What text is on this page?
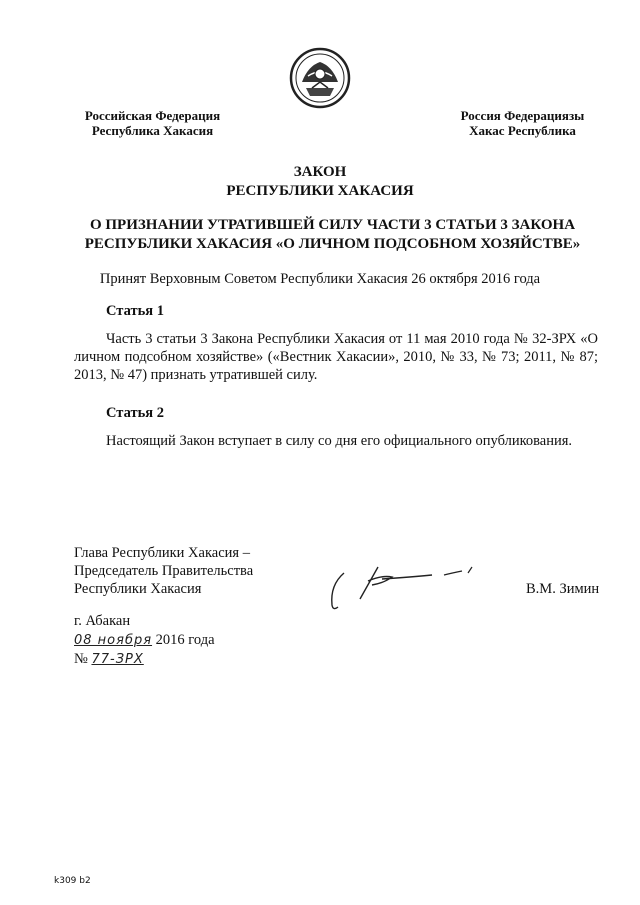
Российская Федерация
Республика Хакасия
Россия Федерациязы
Хакас Республика
ЗАКОН
РЕСПУБЛИКИ ХАКАСИЯ
О ПРИЗНАНИИ УТРАТИВШЕЙ СИЛУ ЧАСТИ 3 СТАТЬИ 3 ЗАКОНА РЕСПУБЛИКИ ХАКАСИЯ «О ЛИЧНОМ ПОДСОБНОМ ХОЗЯЙСТВЕ»
Принят Верховным Советом Республики Хакасия 26 октября 2016 года
Статья 1
Часть 3 статьи 3 Закона Республики Хакасия от 11 мая 2010 года № 32-ЗРХ «О личном подсобном хозяйстве» («Вестник Хакасии», 2010, № 33, № 73; 2011, № 87; 2013, № 47) признать утратившей силу.
Статья 2
Настоящий Закон вступает в силу со дня его официального опубликования.
Глава Республики Хакасия –
Председатель Правительства
Республики Хакасия	В.М. Зимин
г. Абакан
08 ноября 2016 года
№ 77-ЗРХ
k309 b2
